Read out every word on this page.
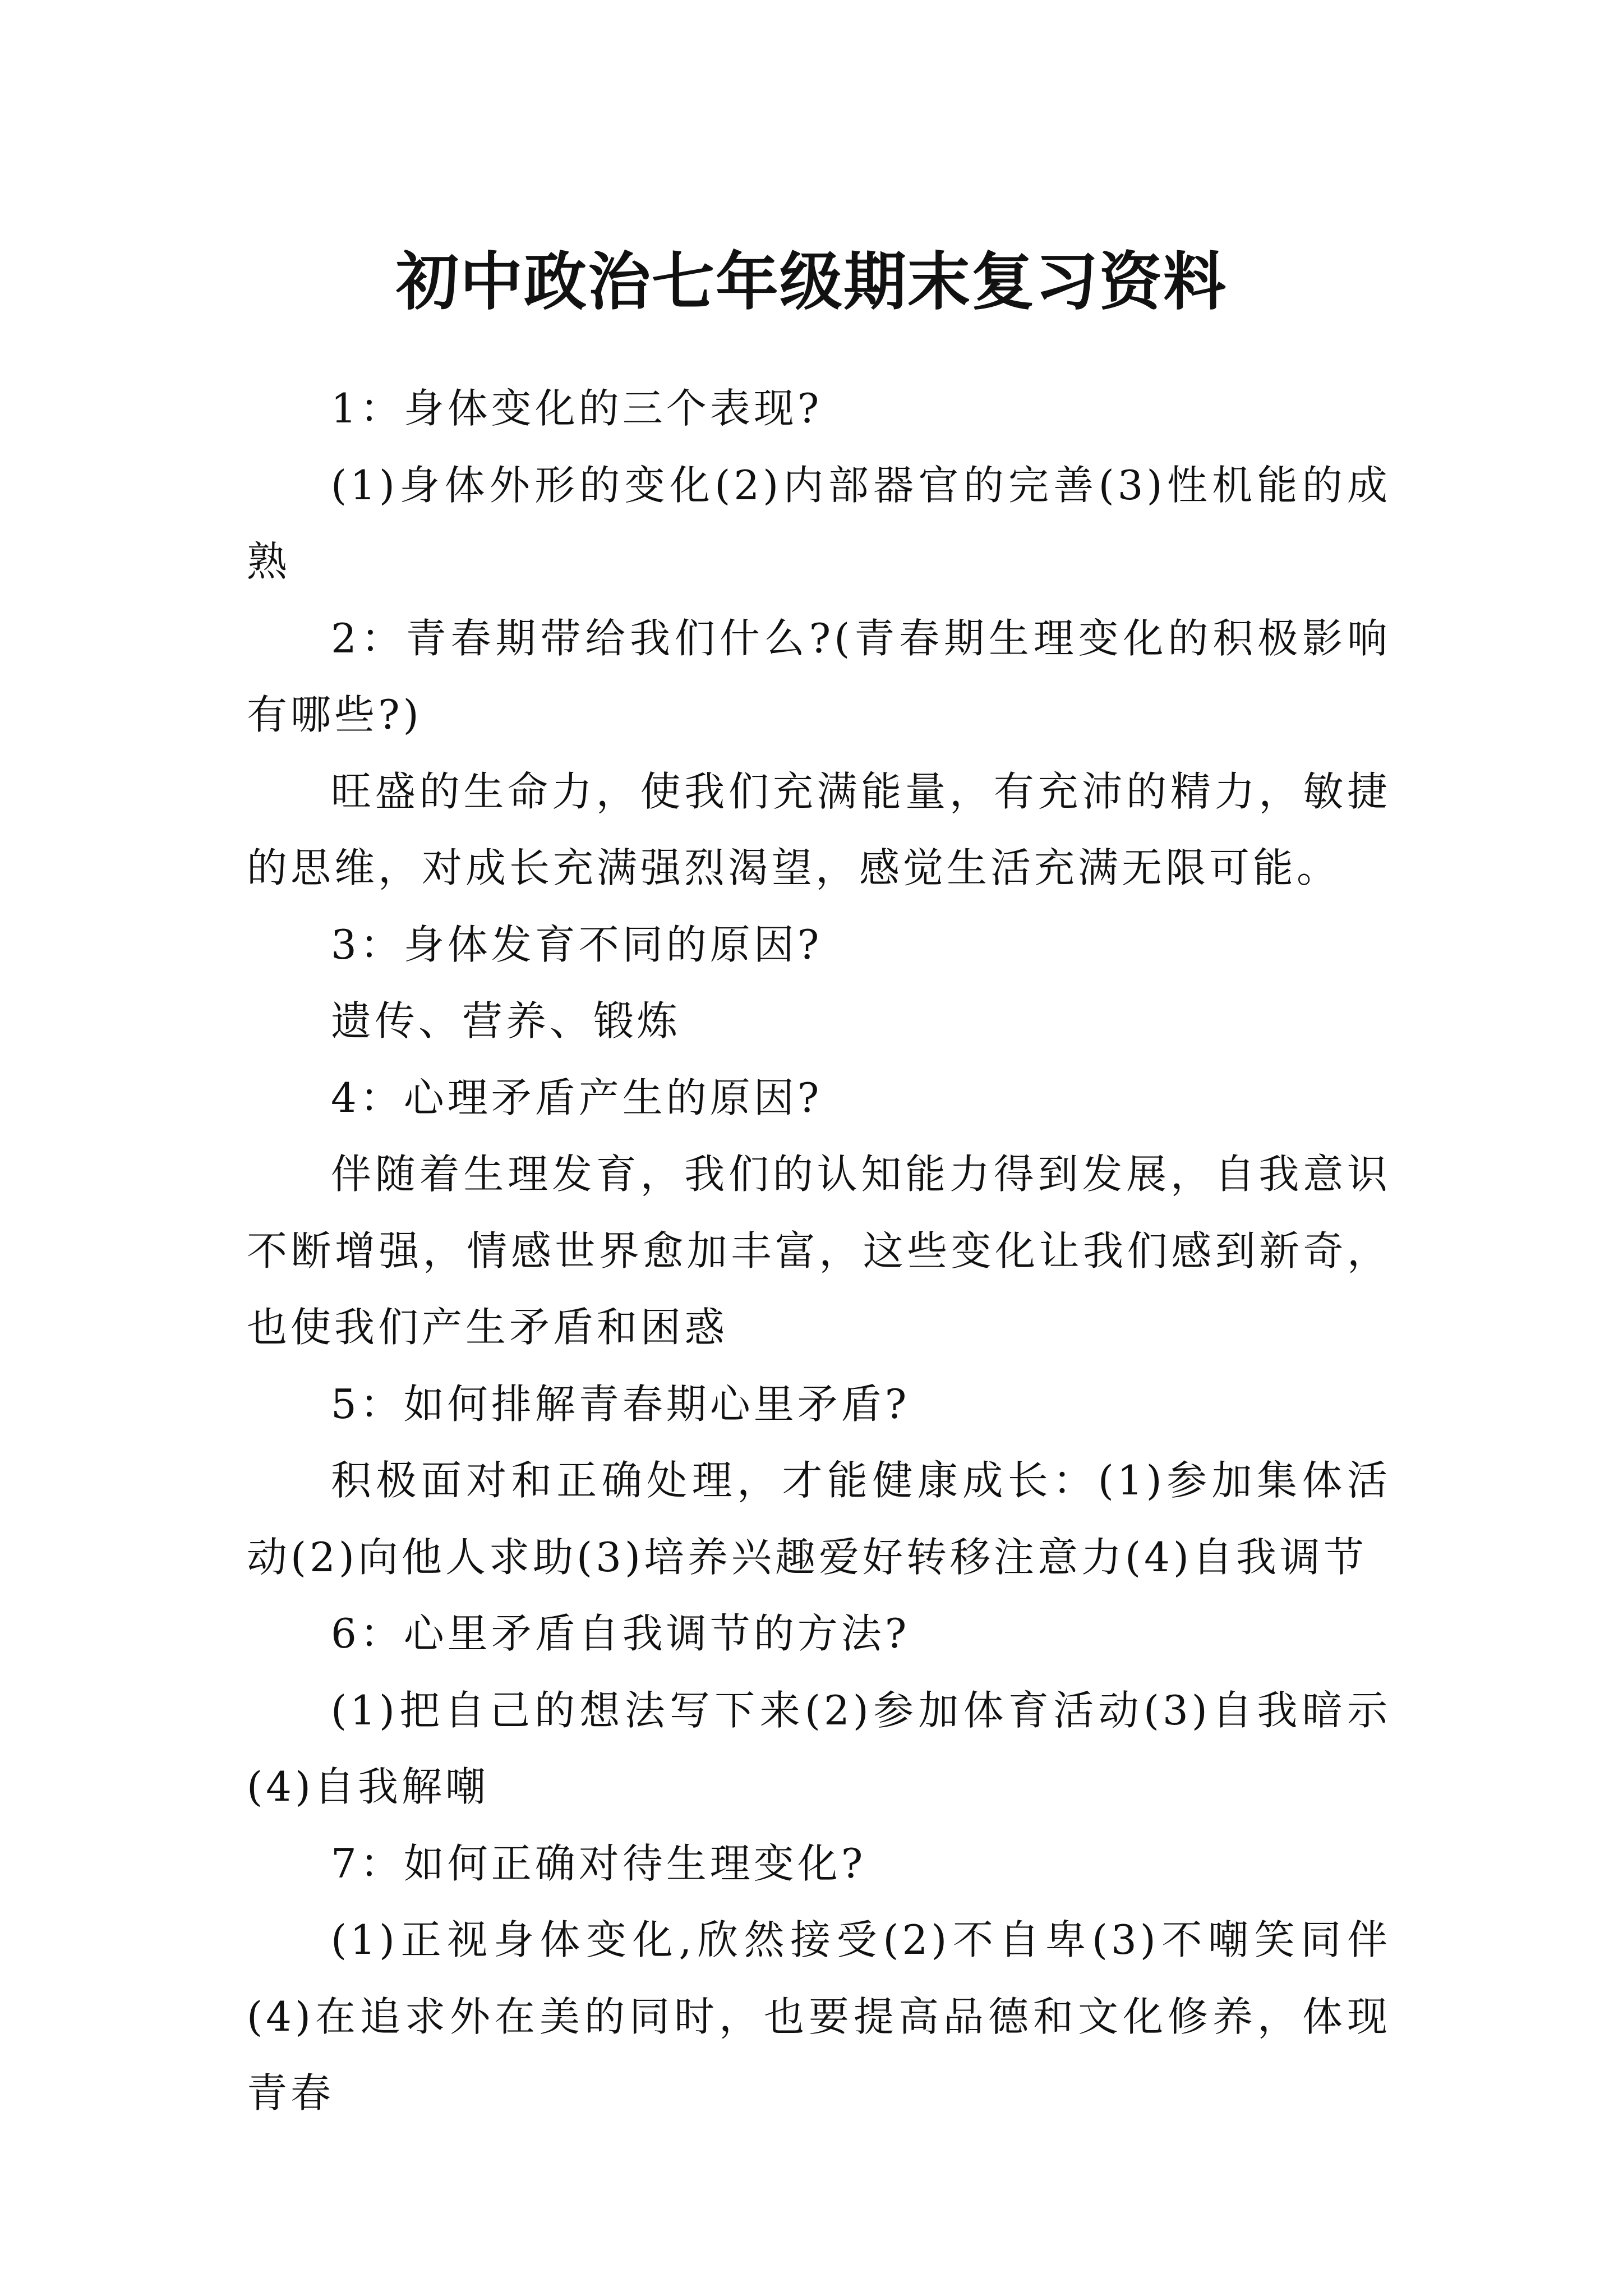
初中政治七年级期末复习资料

1：身体变化的三个表现?

(1)身体外形的变化(2)内部器官的完善(3)性机能的成熟

2：青春期带给我们什么?(青春期生理变化的积极影响有哪些?)

旺盛的生命力，使我们充满能量，有充沛的精力，敏捷的思维，对成长充满强烈渴望，感觉生活充满无限可能。

3：身体发育不同的原因?

遗传、营养、锻炼

4：心理矛盾产生的原因?

伴随着生理发育，我们的认知能力得到发展，自我意识不断增强，情感世界愈加丰富，这些变化让我们感到新奇，也使我们产生矛盾和困惑

5：如何排解青春期心里矛盾?

积极面对和正确处理，才能健康成长：(1)参加集体活动(2)向他人求助(3)培养兴趣爱好转移注意力(4)自我调节

6：心里矛盾自我调节的方法?

(1)把自己的想法写下来(2)参加体育活动(3)自我暗示(4)自我解嘲

7：如何正确对待生理变化?

(1)正视身体变化,欣然接受(2)不自卑(3)不嘲笑同伴(4)在追求外在美的同时，也要提高品德和文化修养，体现青春
